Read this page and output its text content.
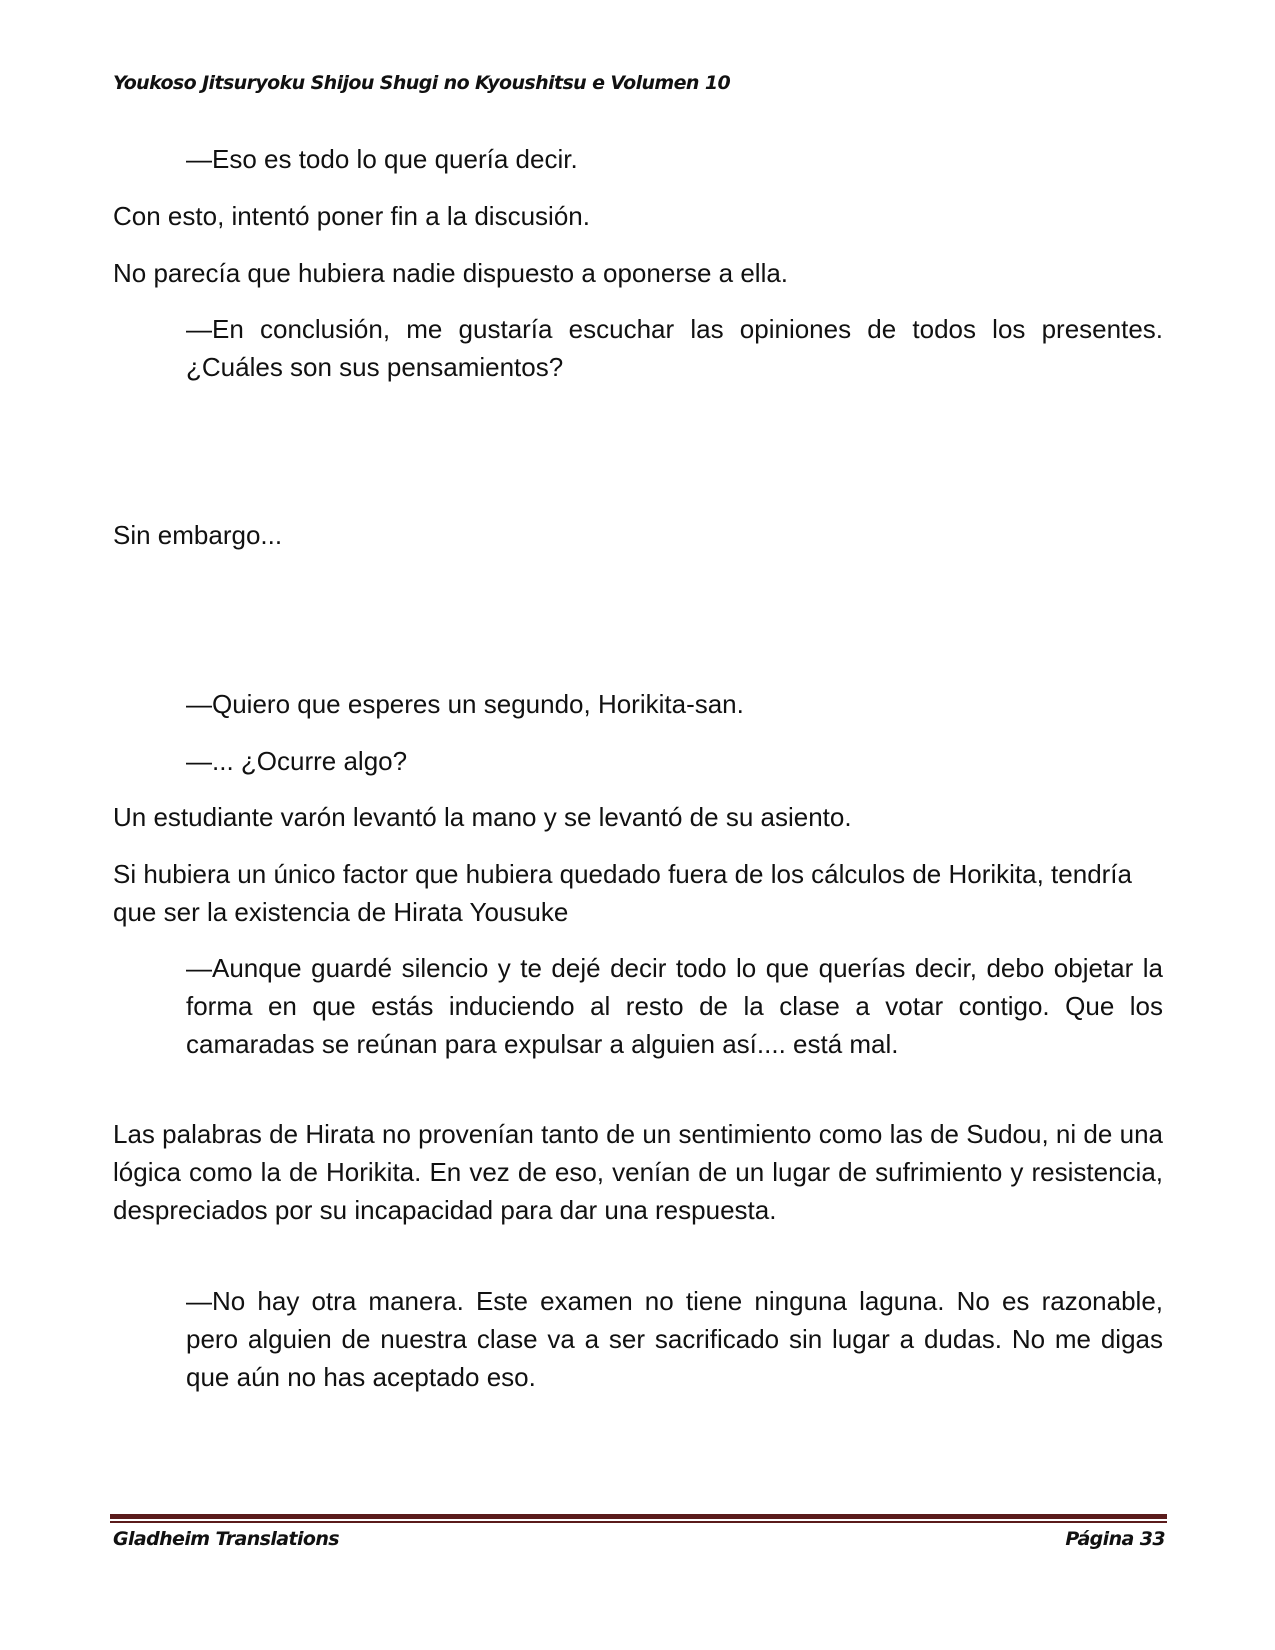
Youkoso Jitsuryoku Shijou Shugi no Kyoushitsu e Volumen 10
—Eso es todo lo que quería decir.
Con esto, intentó poner fin a la discusión.
No parecía que hubiera nadie dispuesto a oponerse a ella.
—En conclusión, me gustaría escuchar las opiniones de todos los presentes. ¿Cuáles son sus pensamientos?
Sin embargo...
—Quiero que esperes un segundo, Horikita-san.
—... ¿Ocurre algo?
Un estudiante varón levantó la mano y se levantó de su asiento.
Si hubiera un único factor que hubiera quedado fuera de los cálculos de Horikita, tendría que ser la existencia de Hirata Yousuke
—Aunque guardé silencio y te dejé decir todo lo que querías decir, debo objetar la forma en que estás induciendo al resto de la clase a votar contigo. Que los camaradas se reúnan para expulsar a alguien así.... está mal.
Las palabras de Hirata no provenían tanto de un sentimiento como las de Sudou, ni de una lógica como la de Horikita. En vez de eso, venían de un lugar de sufrimiento y resistencia, despreciados por su incapacidad para dar una respuesta.
—No hay otra manera. Este examen no tiene ninguna laguna. No es razonable, pero alguien de nuestra clase va a ser sacrificado sin lugar a dudas. No me digas que aún no has aceptado eso.
Gladheim Translations	Página 33
